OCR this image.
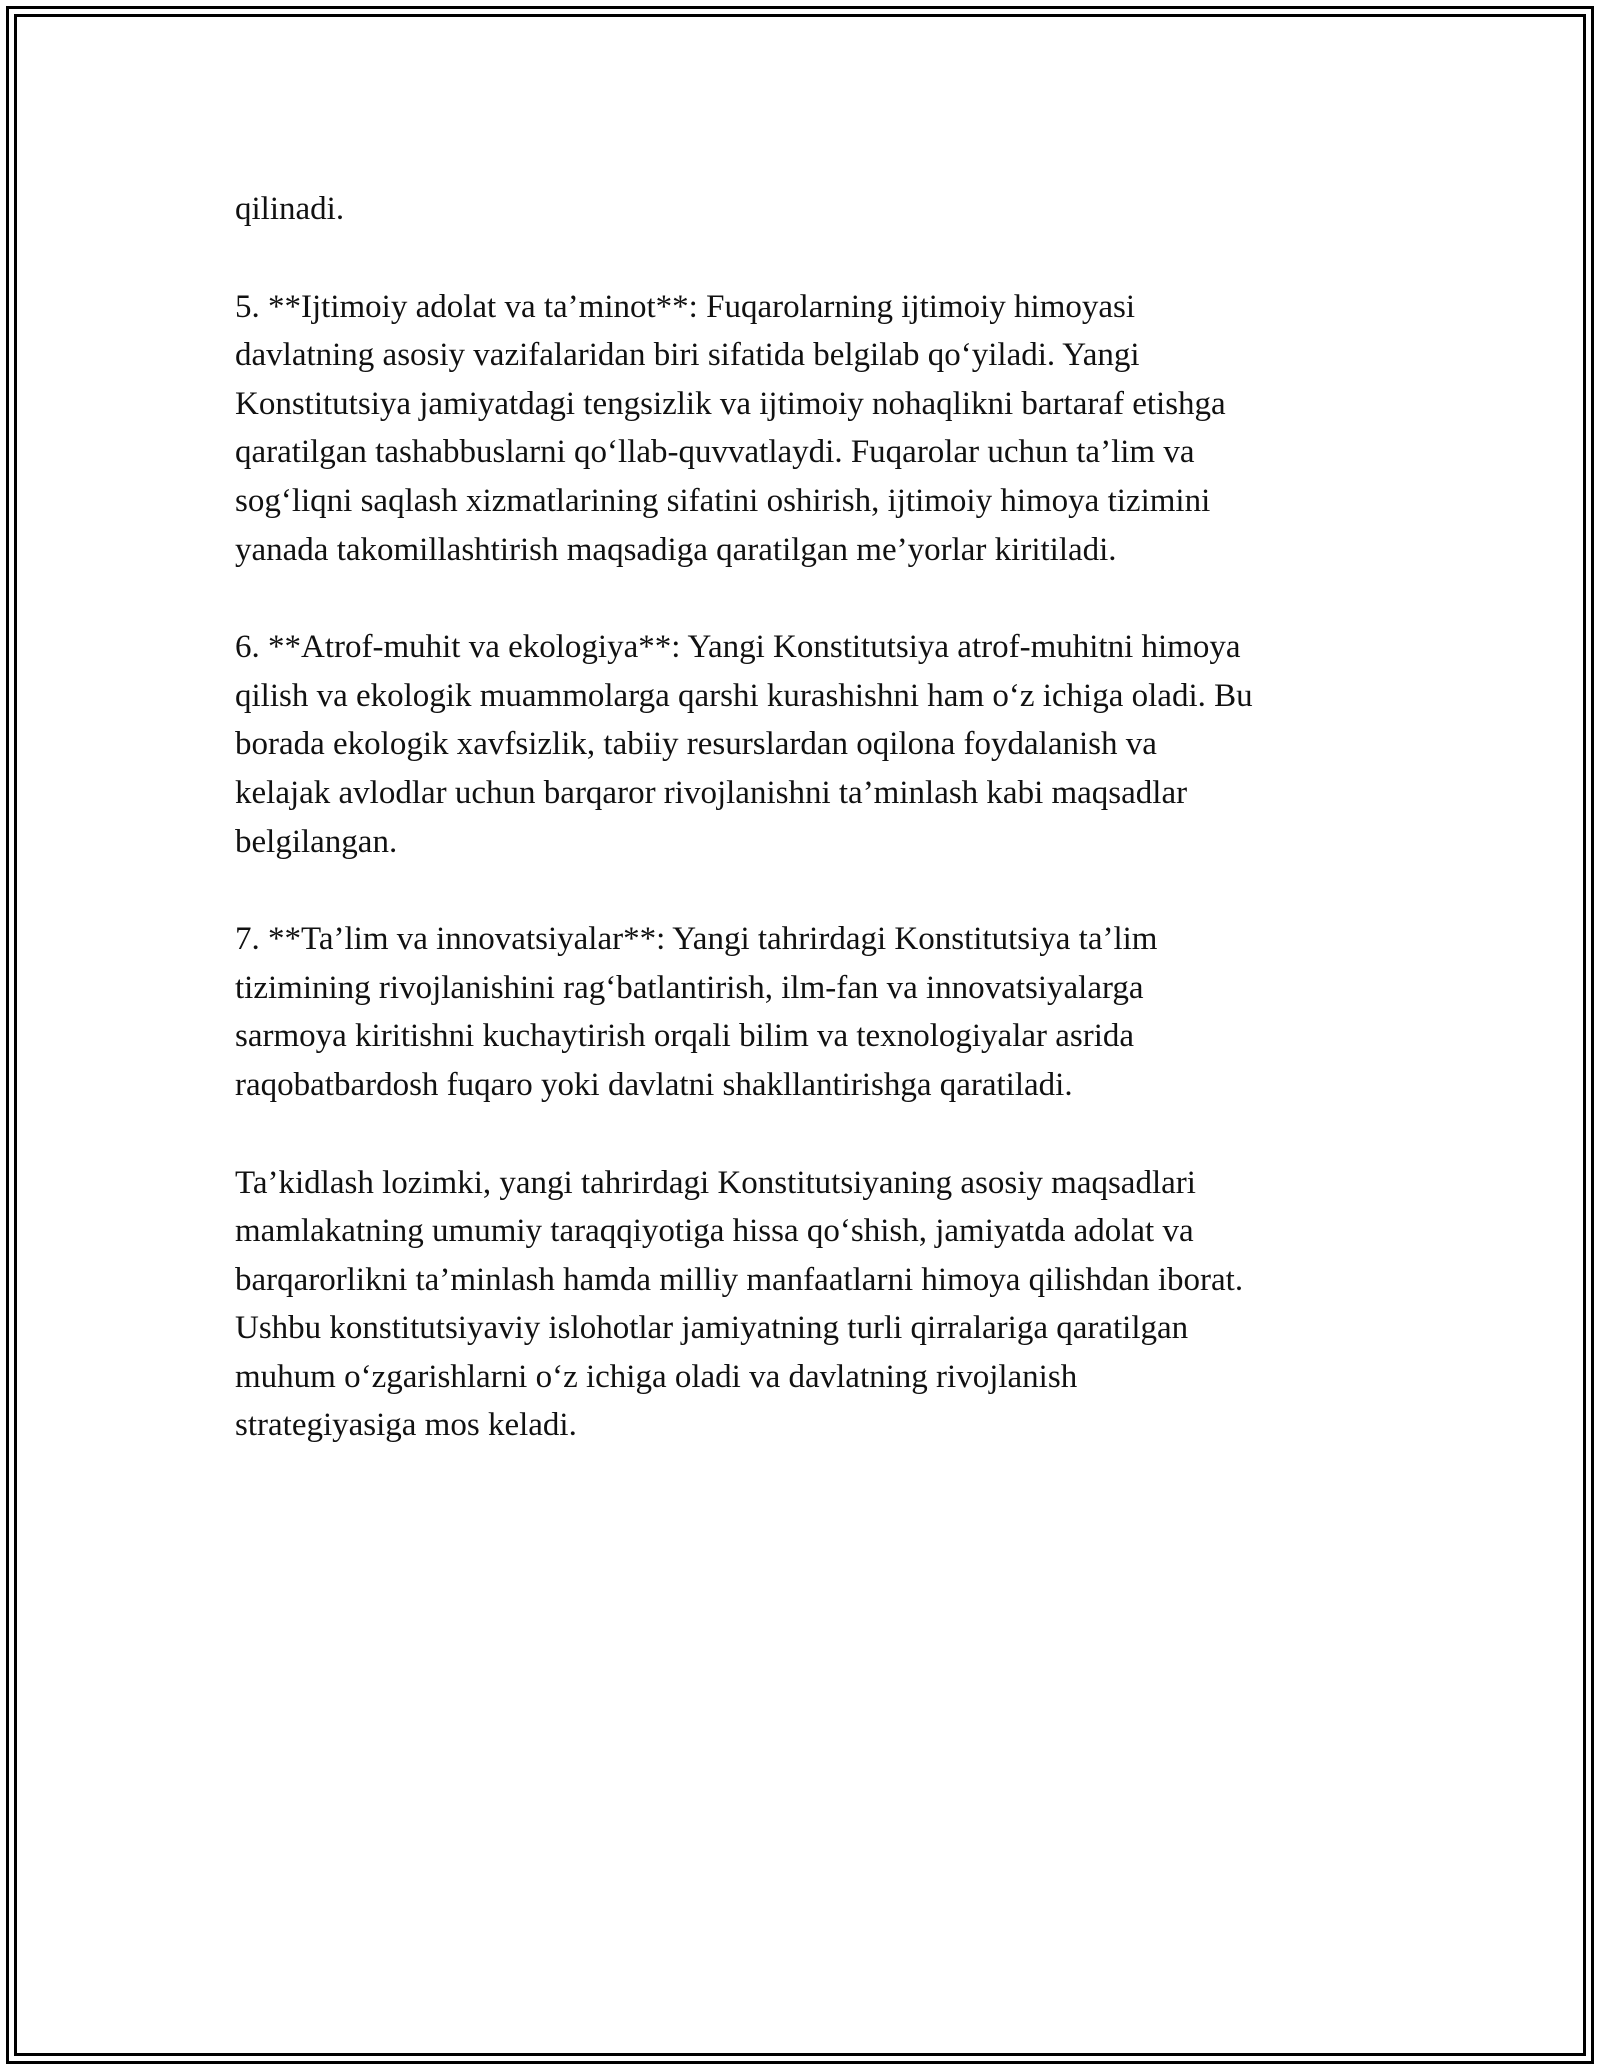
qilinadi.

5. **Ijtimoiy adolat va ta’minot**: Fuqarolarning ijtimoiy himoyasi
davlatning asosiy vazifalaridan biri sifatida belgilab qo‘yiladi. Yangi
Konstitutsiya jamiyatdagi tengsizlik va ijtimoiy nohaqlikni bartaraf etishga
qaratilgan tashabbuslarni qo‘llab-quvvatlaydi. Fuqarolar uchun ta’lim va
sog‘liqni saqlash xizmatlarining sifatini oshirish, ijtimoiy himoya tizimini
yanada takomillashtirish maqsadiga qaratilgan me’yorlar kiritiladi.

6. **Atrof-muhit va ekologiya**: Yangi Konstitutsiya atrof-muhitni himoya
qilish va ekologik muammolarga qarshi kurashishni ham o‘z ichiga oladi. Bu
borada ekologik xavfsizlik, tabiiy resurslardan oqilona foydalanish va
kelajak avlodlar uchun barqaror rivojlanishni ta’minlash kabi maqsadlar
belgilangan.

7. **Ta’lim va innovatsiyalar**: Yangi tahrirdagi Konstitutsiya ta’lim
tizimining rivojlanishini rag‘batlantirish, ilm-fan va innovatsiyalarga
sarmoya kiritishni kuchaytirish orqali bilim va texnologiyalar asrida
raqobatbardosh fuqaro yoki davlatni shakllantirishga qaratiladi.

Ta’kidlash lozimki, yangi tahrirdagi Konstitutsiyaning asosiy maqsadlari
mamlakatning umumiy taraqqiyotiga hissa qo‘shish, jamiyatda adolat va
barqarorlikni ta’minlash hamda milliy manfaatlarni himoya qilishdan iborat.
Ushbu konstitutsiyaviy islohotlar jamiyatning turli qirralariga qaratilgan
muhum o‘zgarishlarni o‘z ichiga oladi va davlatning rivojlanish
strategiyasiga mos keladi.
